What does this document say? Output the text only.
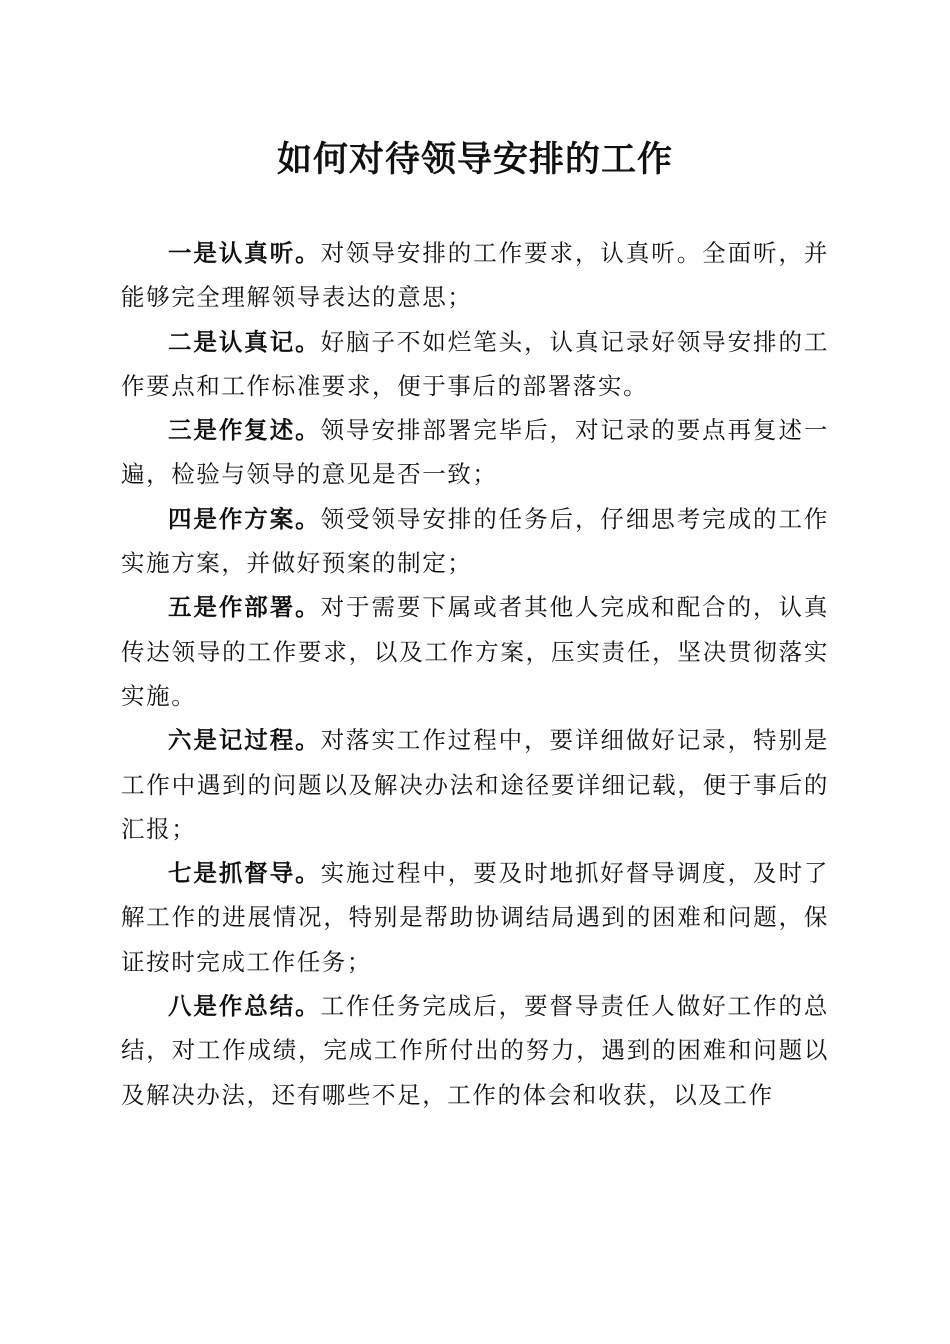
如何对待领导安排的工作

一是认真听。对领导安排的工作要求，认真听。全面听，并能够完全理解领导表达的意思；

二是认真记。好脑子不如烂笔头，认真记录好领导安排的工作要点和工作标准要求，便于事后的部署落实。

三是作复述。领导安排部署完毕后，对记录的要点再复述一遍，检验与领导的意见是否一致；

四是作方案。领受领导安排的任务后，仔细思考完成的工作实施方案，并做好预案的制定；

五是作部署。对于需要下属或者其他人完成和配合的，认真传达领导的工作要求，以及工作方案，压实责任，坚决贯彻落实实施。

六是记过程。对落实工作过程中，要详细做好记录，特别是工作中遇到的问题以及解决办法和途径要详细记载，便于事后的汇报；

七是抓督导。实施过程中，要及时地抓好督导调度，及时了解工作的进展情况，特别是帮助协调结局遇到的困难和问题，保证按时完成工作任务；

八是作总结。工作任务完成后，要督导责任人做好工作的总结，对工作成绩，完成工作所付出的努力，遇到的困难和问题以及解决办法，还有哪些不足，工作的体会和收获，以及工作
